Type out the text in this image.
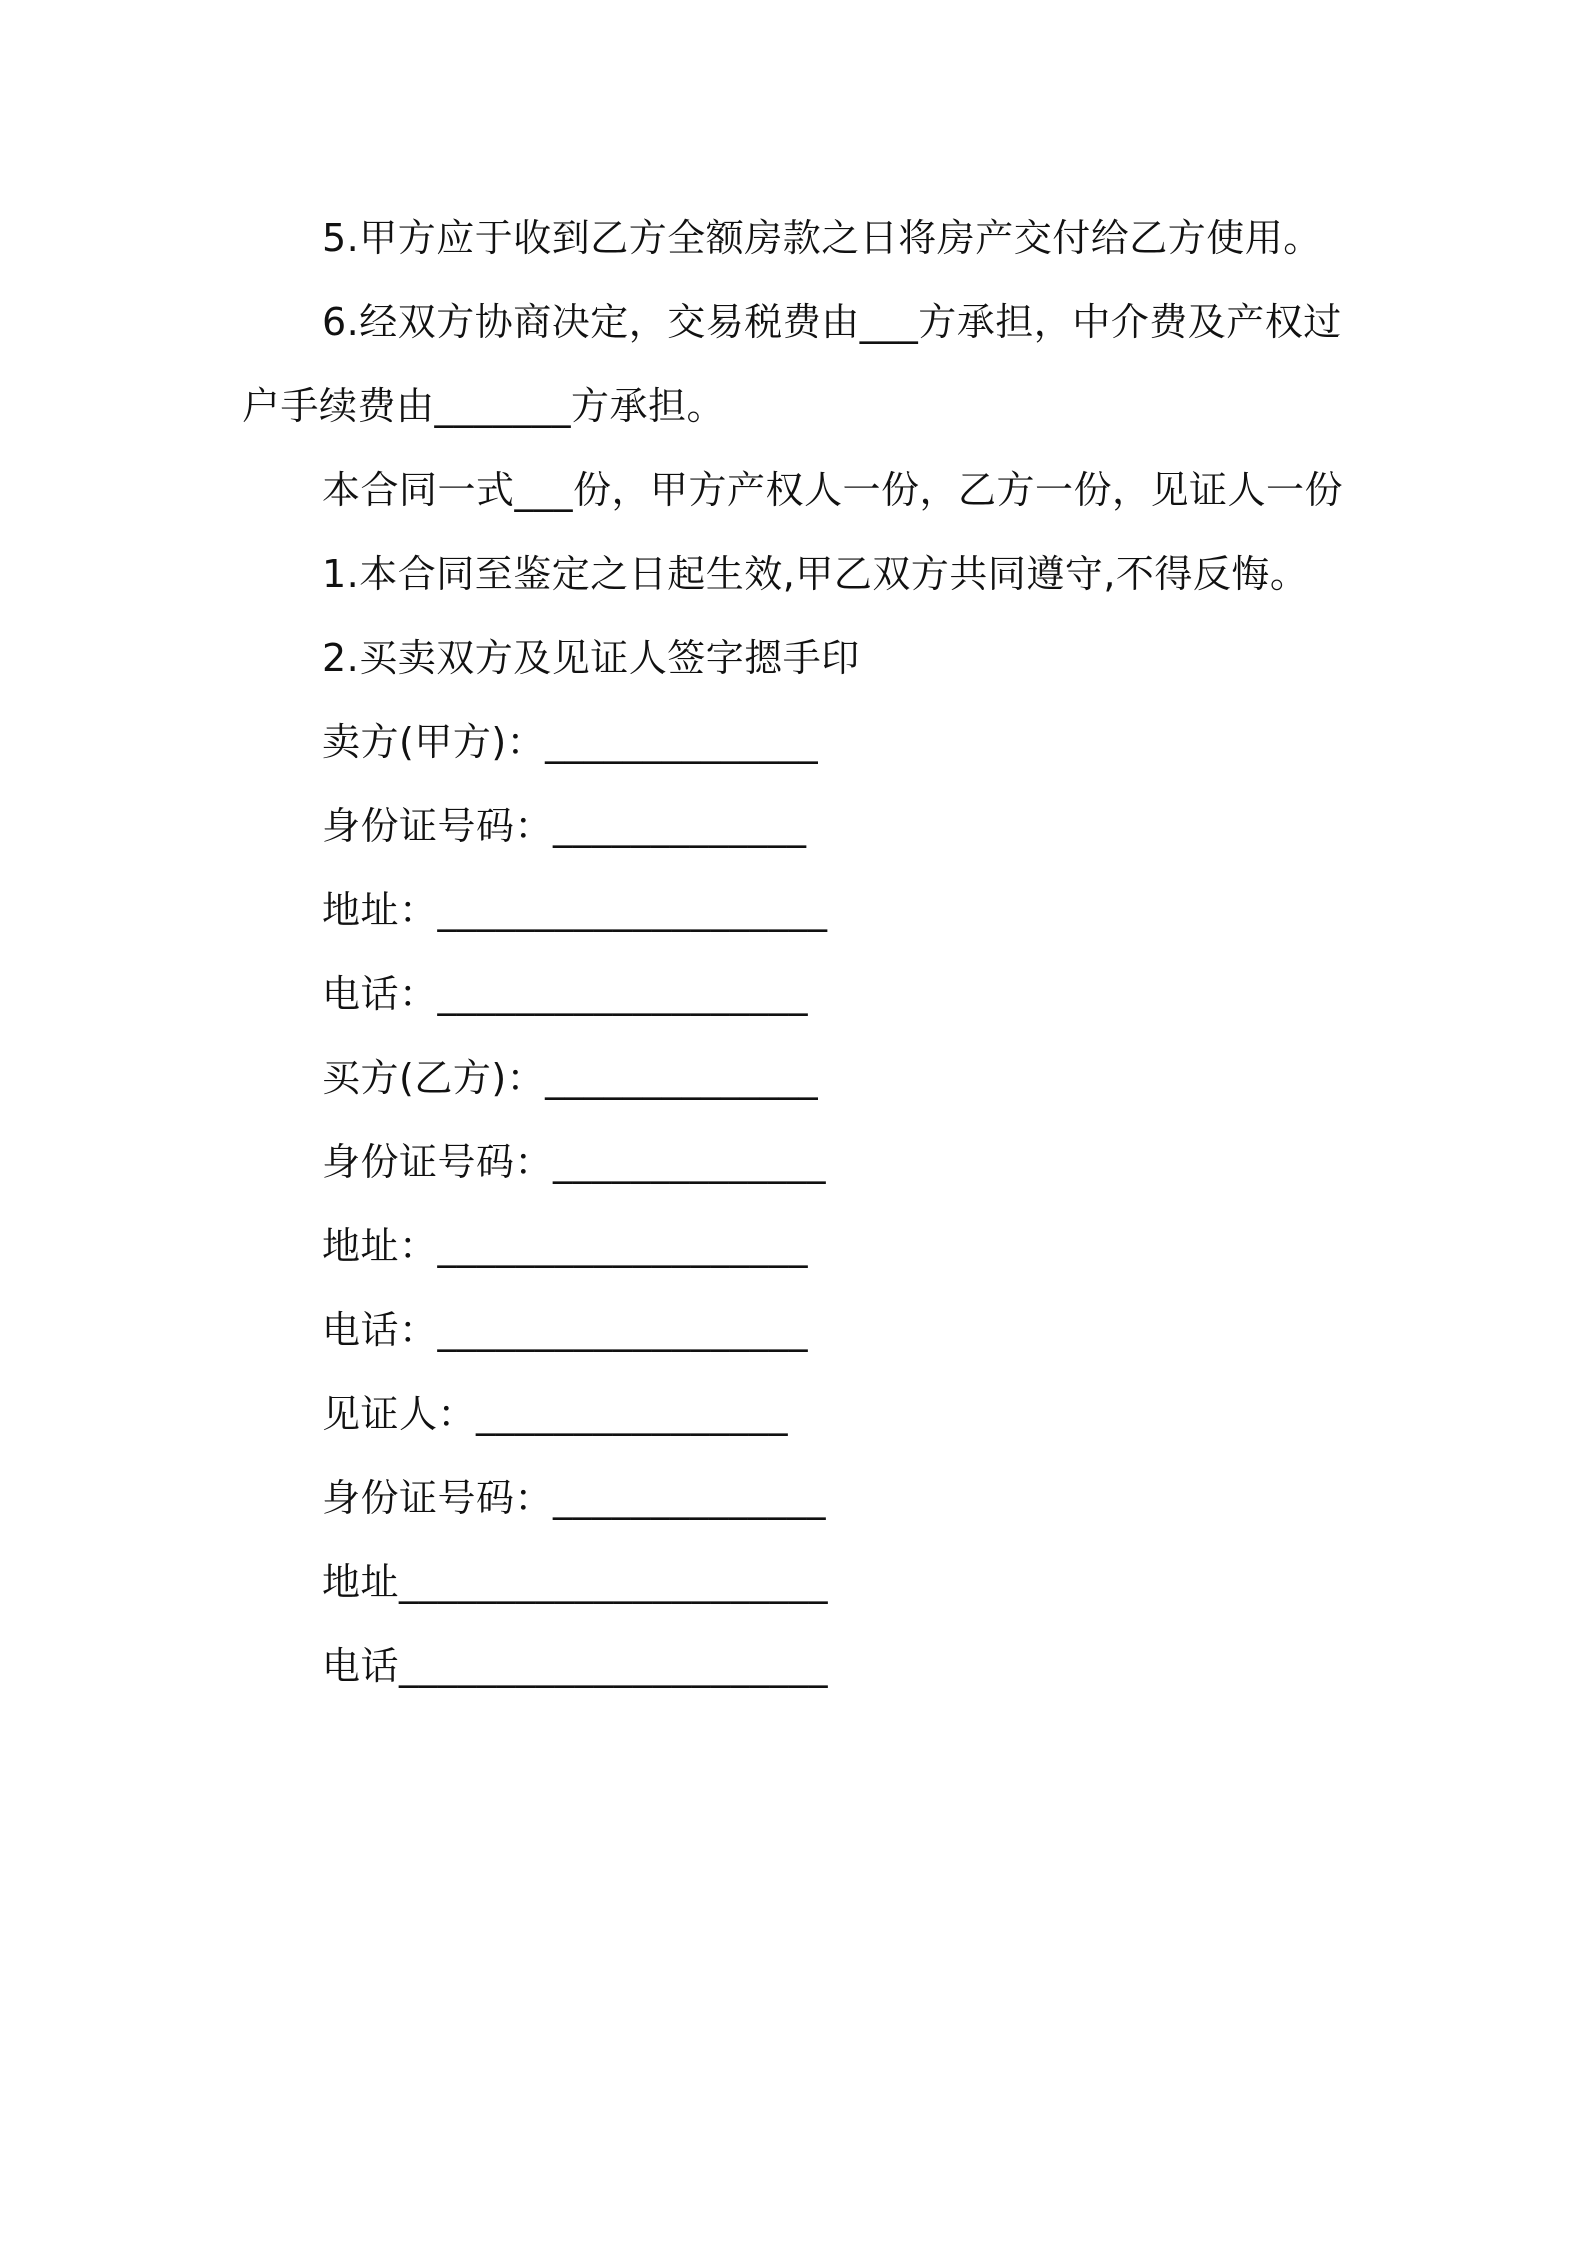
5.甲方应于收到乙方全额房款之日将房产交付给乙方使用。

6.经双方协商决定，交易税费由___方承担，中介费及产权过户手续费由_______方承担。

本合同一式___份，甲方产权人一份，乙方一份，见证人一份

1.本合同至鉴定之日起生效,甲乙双方共同遵守,不得反悔。

2.买卖双方及见证人签字摁手印

卖方(甲方)：______________

身份证号码：_____________

地址：____________________

电话：___________________

买方(乙方)：______________

身份证号码：______________

地址：___________________

电话：___________________

见证人：________________

身份证号码：______________

地址______________________

电话______________________
